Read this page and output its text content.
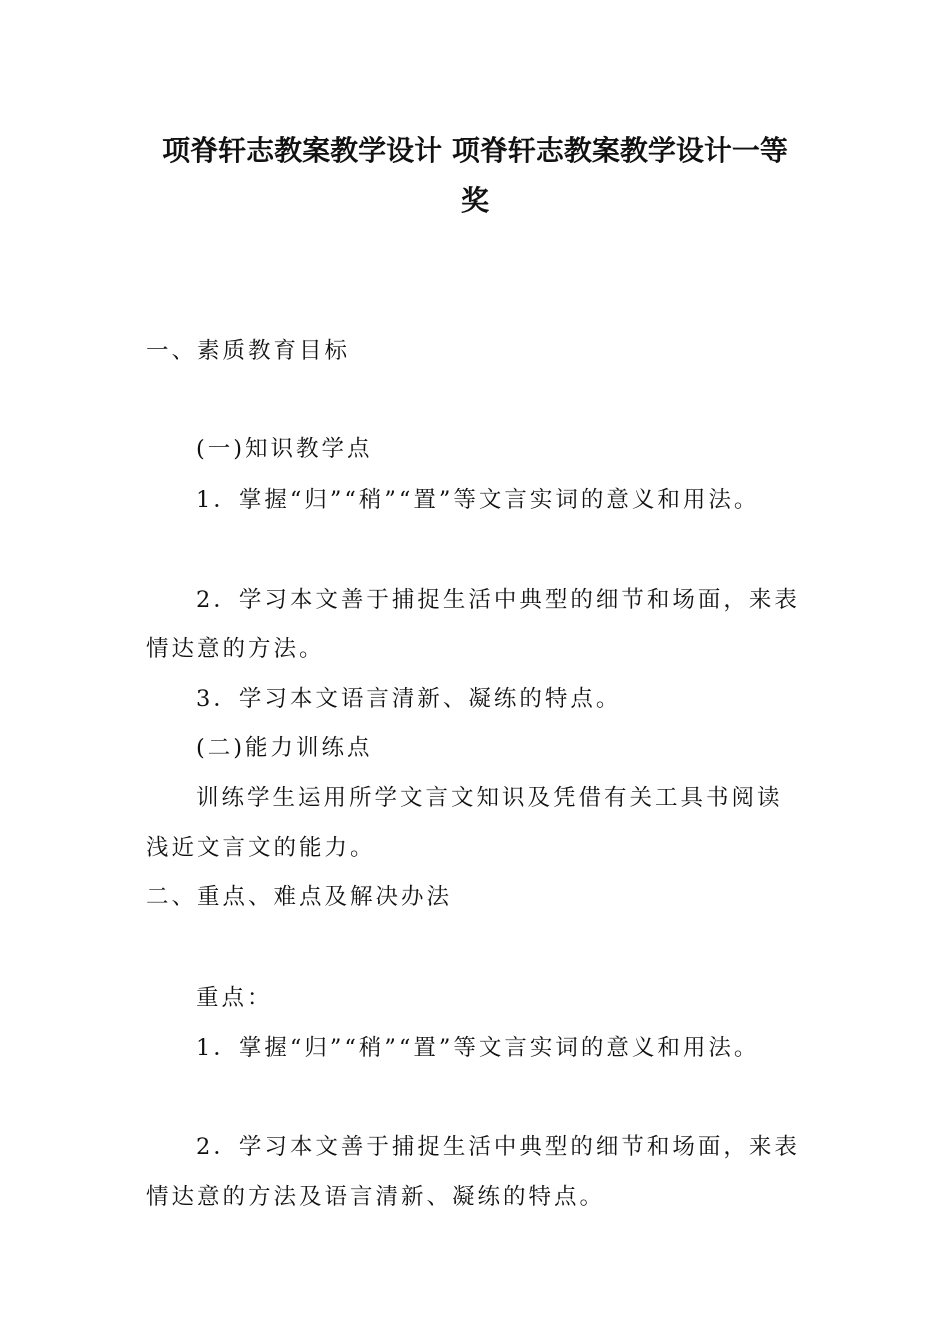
项脊轩志教案教学设计 项脊轩志教案教学设计一等
奖
一、素质教育目标
(一)知识教学点
1．掌握“归”“稍”“置”等文言实词的意义和用法。
2．学习本文善于捕捉生活中典型的细节和场面，来表
情达意的方法。
3．学习本文语言清新、凝练的特点。
(二)能力训练点
训练学生运用所学文言文知识及凭借有关工具书阅读
浅近文言文的能力。
二、重点、难点及解决办法
重点：
1．掌握“归”“稍”“置”等文言实词的意义和用法。
2．学习本文善于捕捉生活中典型的细节和场面，来表
情达意的方法及语言清新、凝练的特点。
